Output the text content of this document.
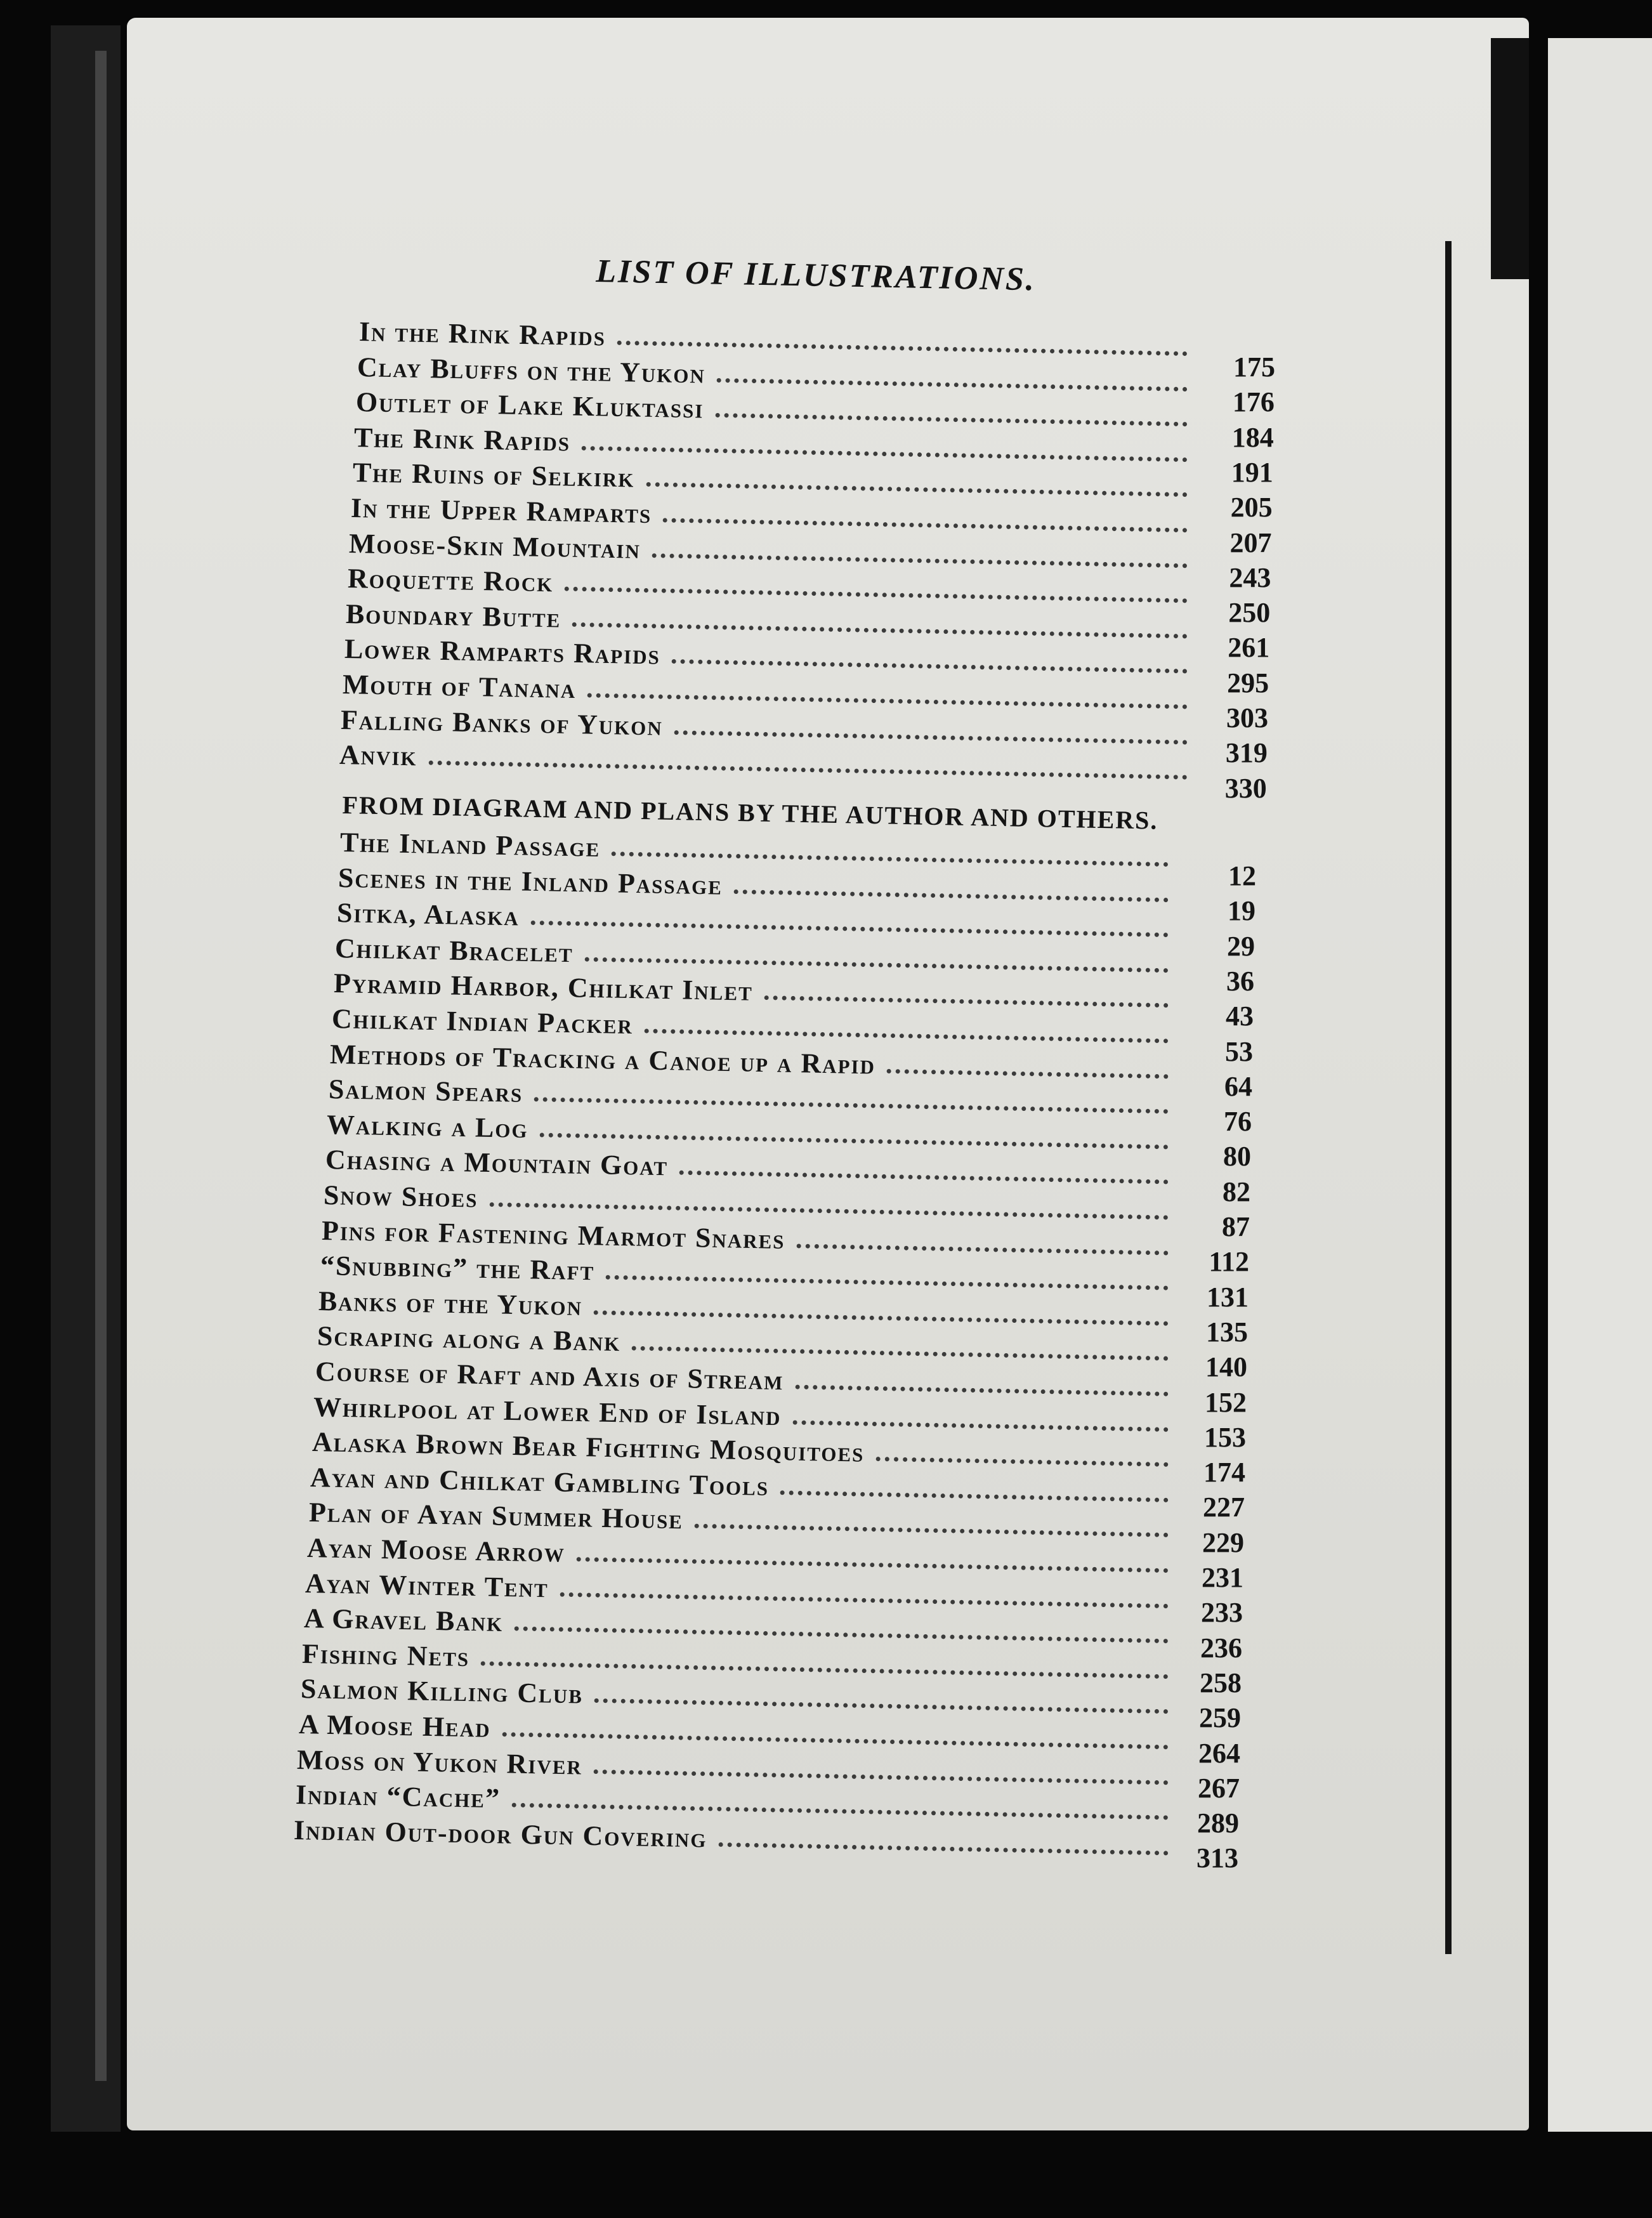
LIST OF ILLUSTRATIONS.
FROM DIAGRAM AND PLANS BY THE AUTHOR AND OTHERS.
In the Rink Rapids
Clay Bluffs on the Yukon
Outlet of Lake Kluktassi
The Rink Rapids
The Ruins of Selkirk
In the Upper Ramparts
Moose-Skin Mountain
Roquette Rock
Boundary Butte
Lower Ramparts Rapids
Mouth of Tanana
Falling Banks of Yukon
Anvik
175
176
184
191
205
207
243
250
261
295
303
319
330
The Inland Passage
Scenes in the Inland Passage
Sitka, Alaska
Chilkat Bracelet
Pyramid Harbor, Chilkat Inlet
Chilkat Indian Packer
Methods of Tracking a Canoe up a Rapid
Salmon Spears
Walking a Log
Chasing a Mountain Goat
Snow Shoes
Pins for Fastening Marmot Snares
“Snubbing” the Raft
Banks of the Yukon
Scraping along a Bank
Course of Raft and Axis of Stream
Whirlpool at Lower End of Island
Alaska Brown Bear Fighting Mosquitoes
Ayan and Chilkat Gambling Tools
Plan of Ayan Summer House
Ayan Moose Arrow
Ayan Winter Tent
A Gravel Bank
Fishing Nets
Salmon Killing Club
A Moose Head
Moss on Yukon River
Indian “Cache”
Indian Out-door Gun Covering
12
19
29
36
43
53
64
76
80
82
87
112
131
135
140
152
153
174
227
229
231
233
236
258
259
264
267
289
313
